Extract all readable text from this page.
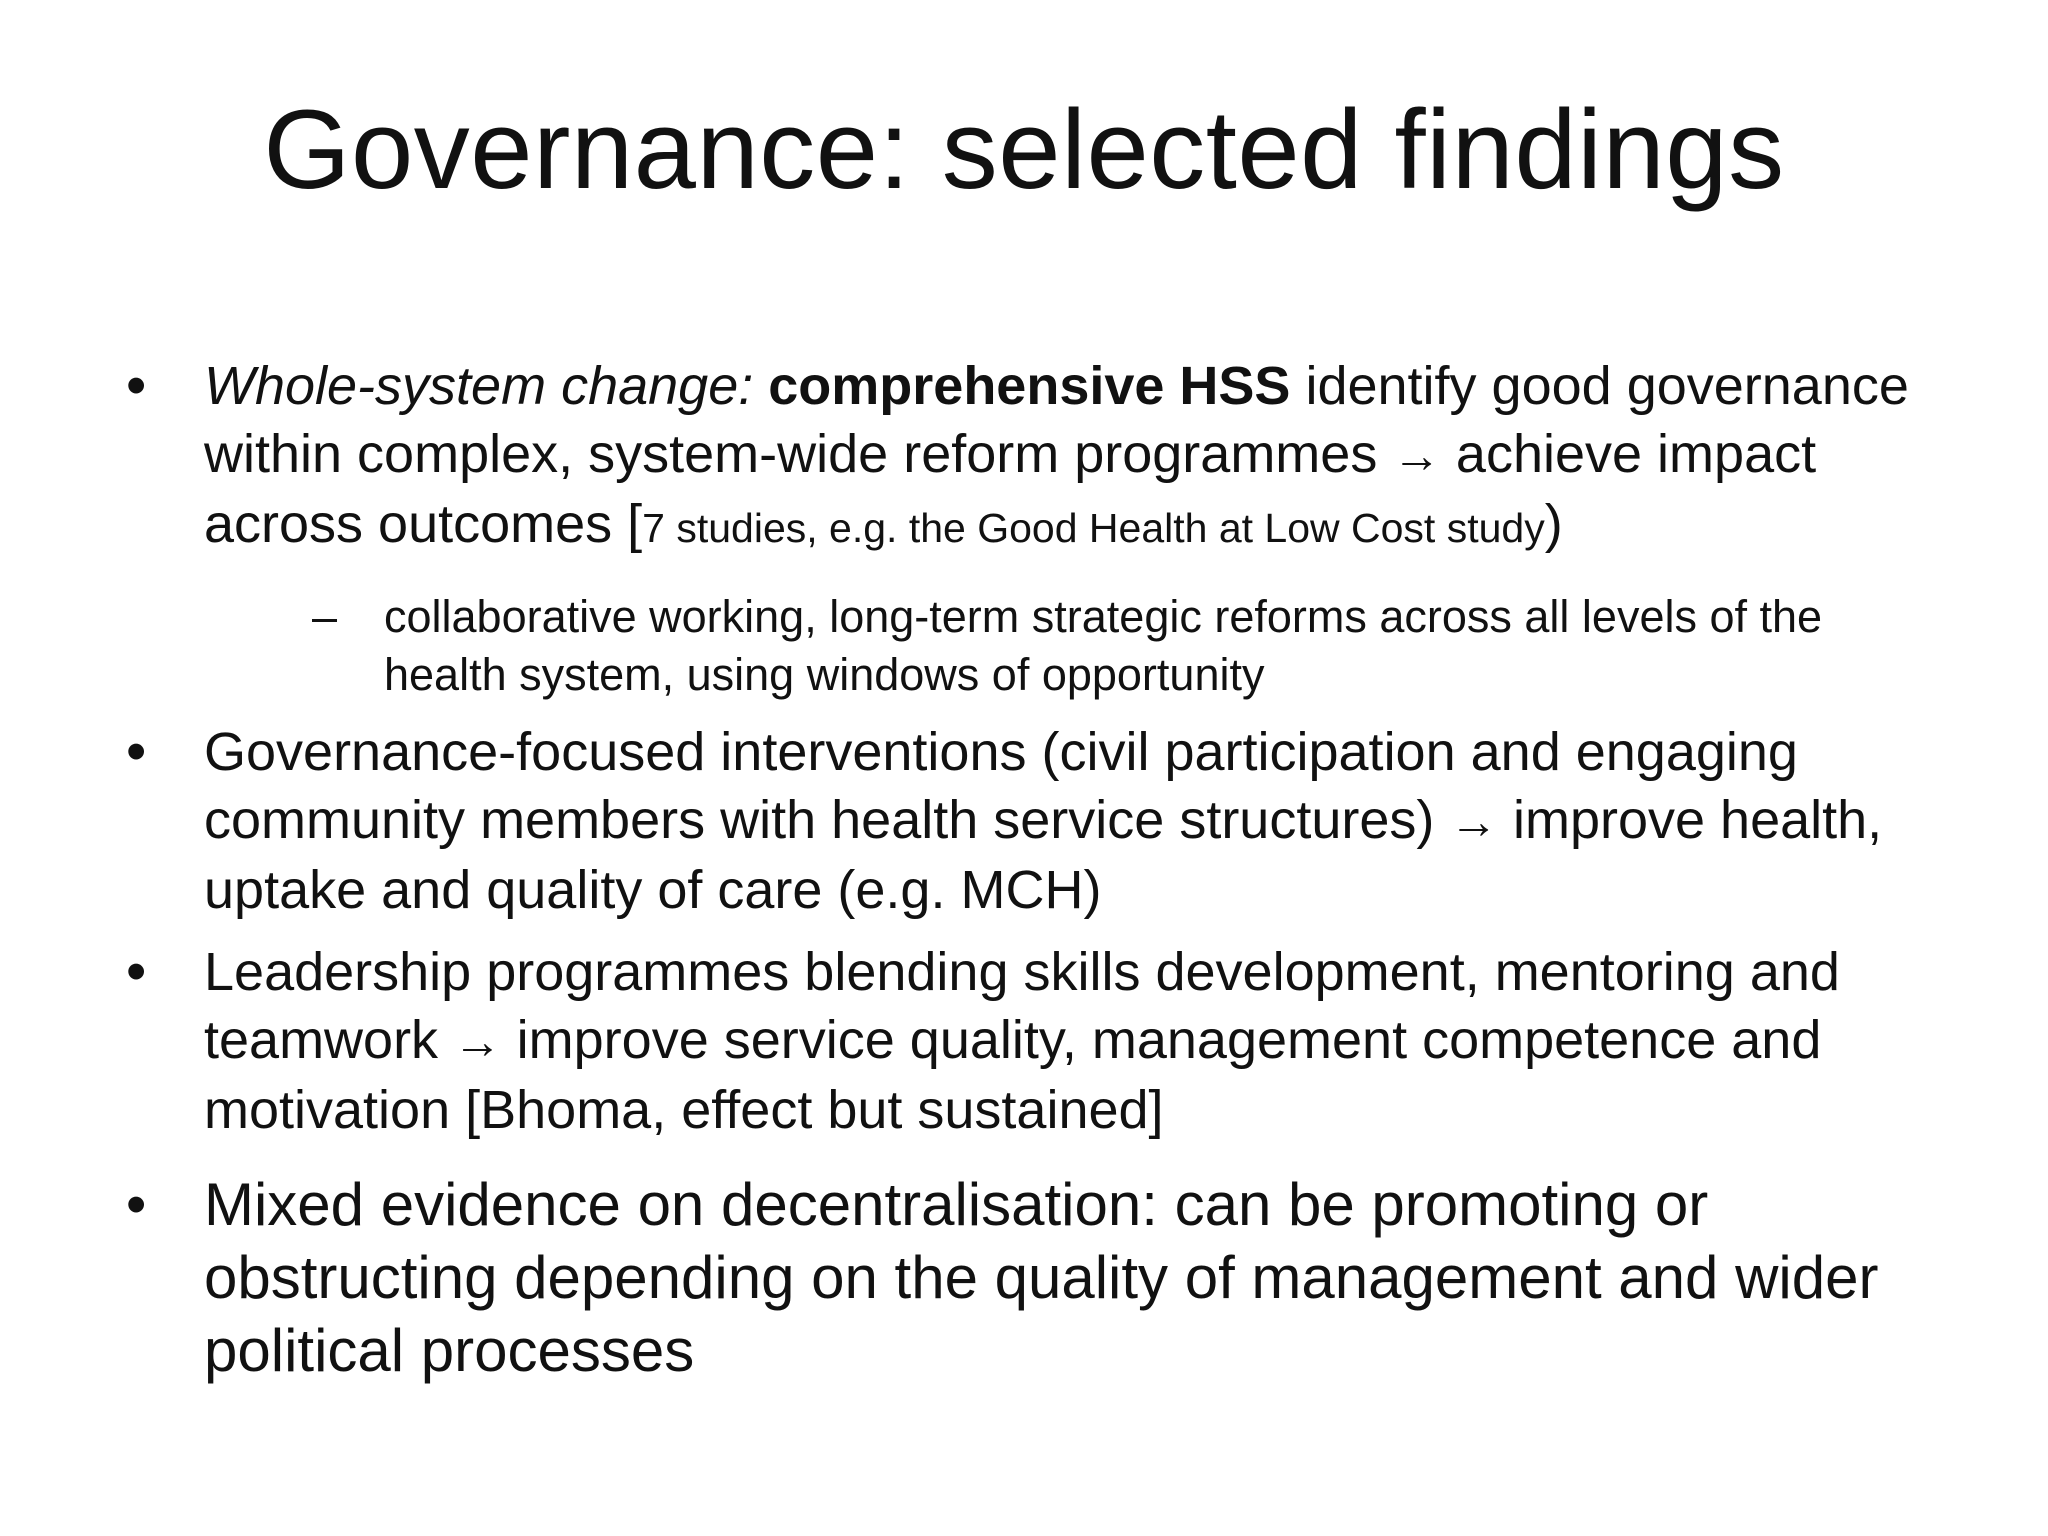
Governance: selected findings
• Whole-system change: comprehensive HSS identify good governance within complex, system-wide reform programmes → achieve impact across outcomes [7 studies, e.g. the Good Health at Low Cost study)
– collaborative working, long-term strategic reforms across all levels of the health system, using windows of opportunity
• Governance-focused interventions (civil participation and engaging community members with health service structures) → improve health, uptake and quality of care (e.g. MCH)
• Leadership programmes blending skills development, mentoring and teamwork → improve service quality, management competence and motivation [Bhoma, effect but sustained]
• Mixed evidence on decentralisation: can be promoting or obstructing depending on the quality of management and wider political processes
